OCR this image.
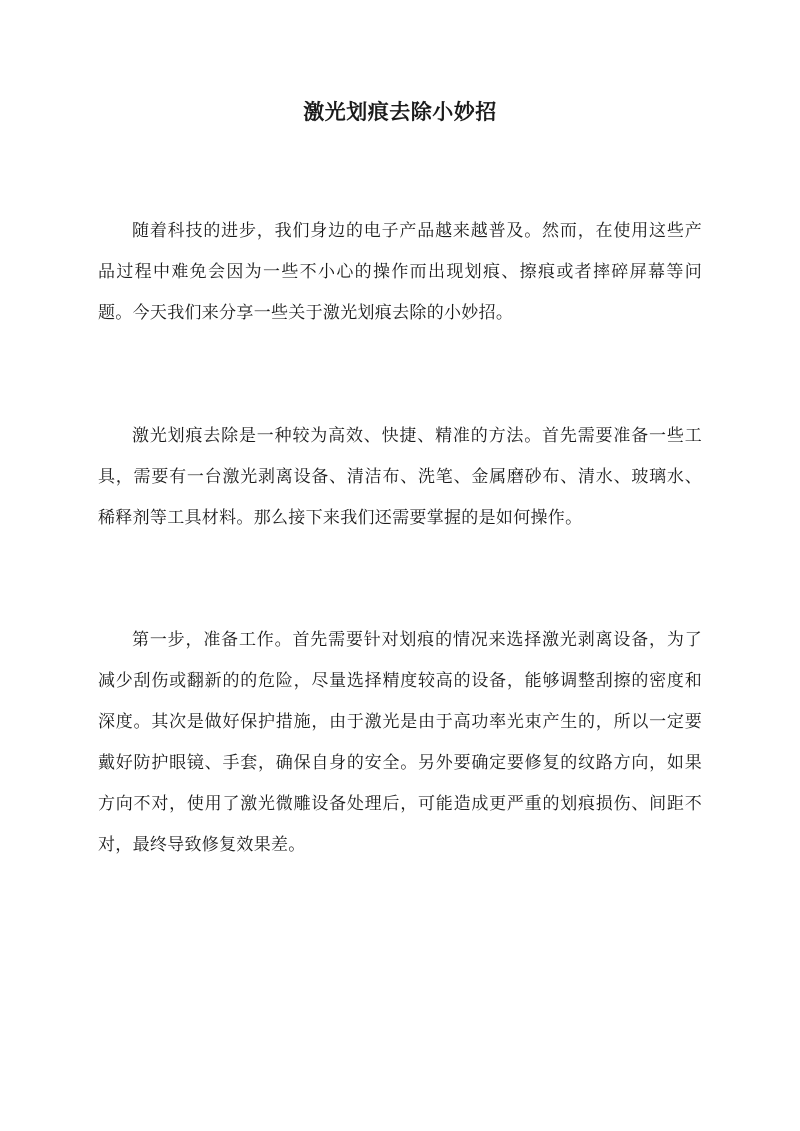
激光划痕去除小妙招

随着科技的进步，我们身边的电子产品越来越普及。然而，在使用这些产品过程中难免会因为一些不小心的操作而出现划痕、擦痕或者摔碎屏幕等问题。今天我们来分享一些关于激光划痕去除的小妙招。

激光划痕去除是一种较为高效、快捷、精准的方法。首先需要准备一些工具，需要有一台激光剥离设备、清洁布、洗笔、金属磨砂布、清水、玻璃水、稀释剂等工具材料。那么接下来我们还需要掌握的是如何操作。

第一步，准备工作。首先需要针对划痕的情况来选择激光剥离设备，为了减少刮伤或翻新的的危险，尽量选择精度较高的设备，能够调整刮擦的密度和深度。其次是做好保护措施，由于激光是由于高功率光束产生的，所以一定要戴好防护眼镜、手套，确保自身的安全。另外要确定要修复的纹路方向，如果方向不对，使用了激光微雕设备处理后，可能造成更严重的划痕损伤、间距不对，最终导致修复效果差。
